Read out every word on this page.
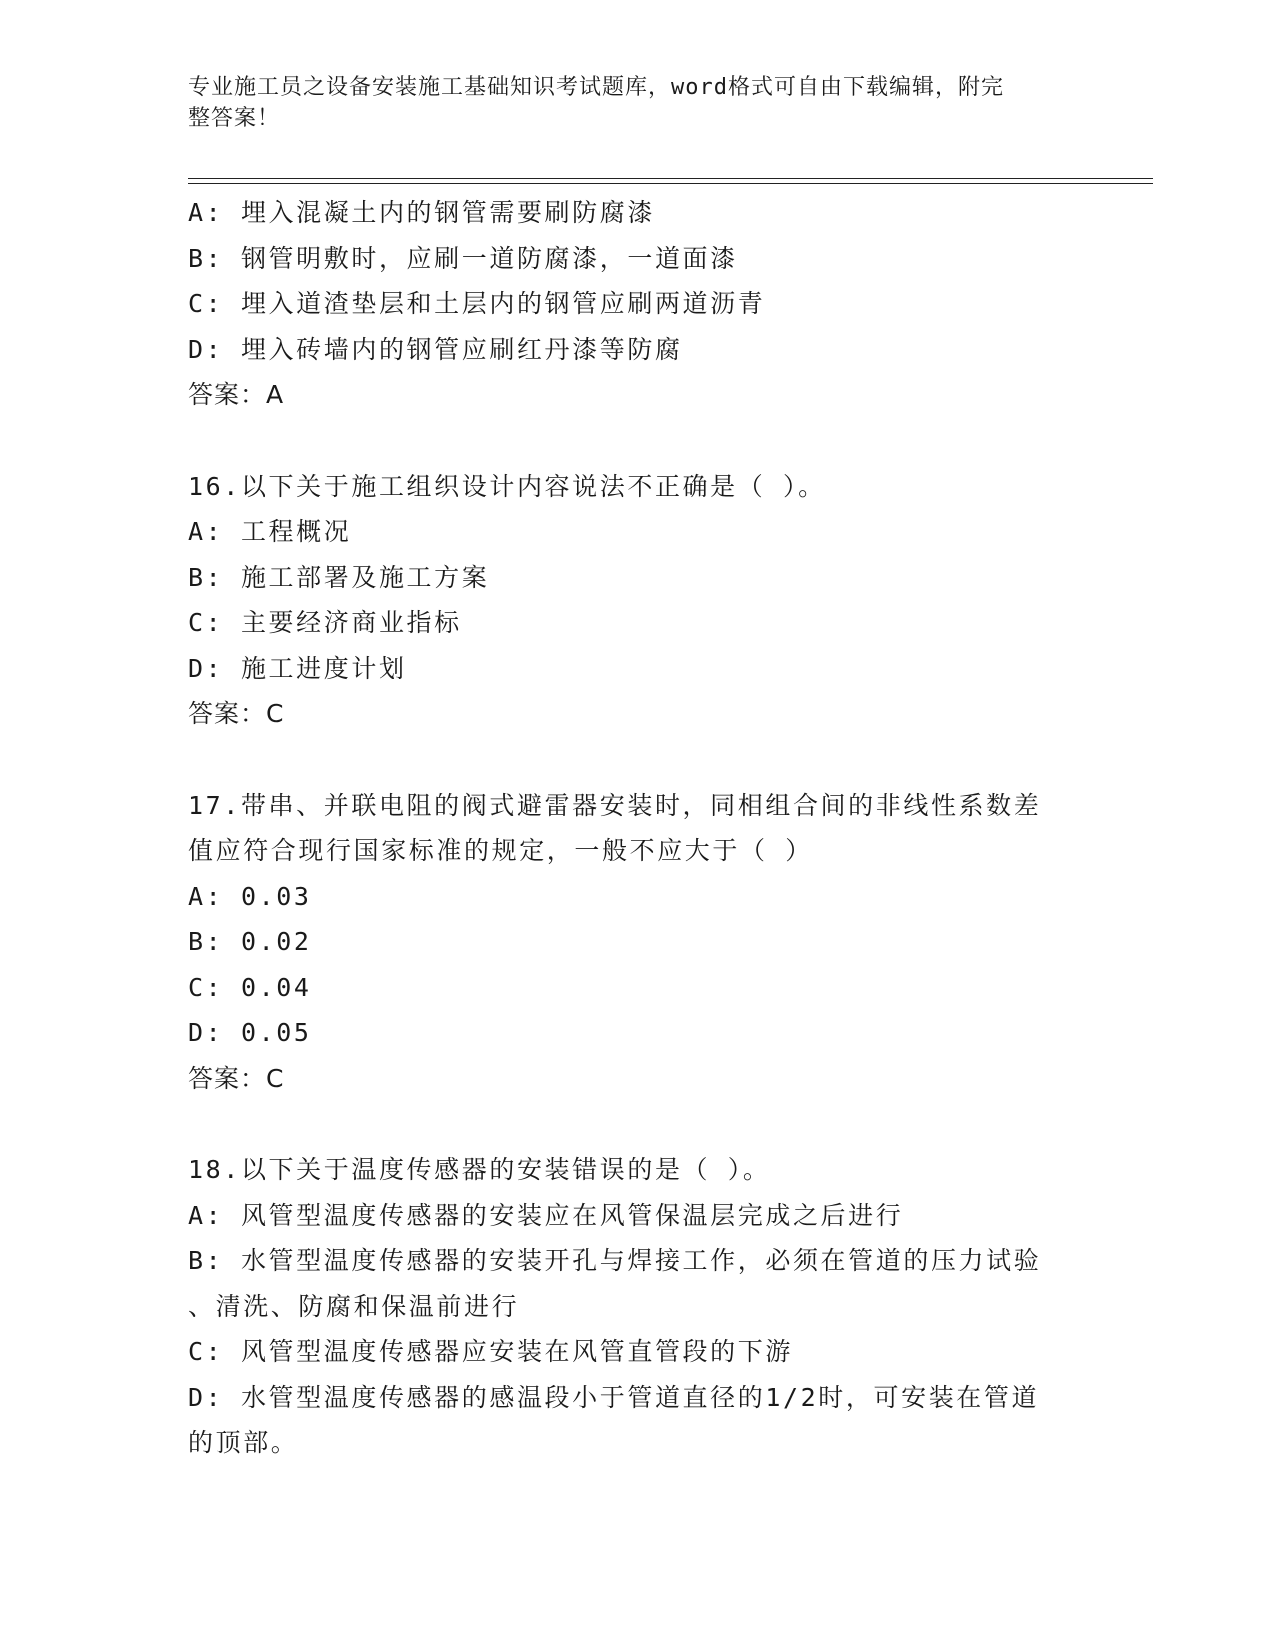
专业施工员之设备安装施工基础知识考试题库，word格式可自由下载编辑，附完
整答案！
A: 埋入混凝土内的钢管需要刷防腐漆
B: 钢管明敷时，应刷一道防腐漆，一道面漆
C: 埋入道渣垫层和土层内的钢管应刷两道沥青
D: 埋入砖墙内的钢管应刷红丹漆等防腐
答案：A
16.以下关于施工组织设计内容说法不正确是（ ）。
A: 工程概况
B: 施工部署及施工方案
C: 主要经济商业指标
D: 施工进度计划
答案：C
17.带串、并联电阻的阀式避雷器安装时，同相组合间的非线性系数差
值应符合现行国家标准的规定，一般不应大于（ ）
A: 0.03
B: 0.02
C: 0.04
D: 0.05
答案：C
18.以下关于温度传感器的安装错误的是（ ）。
A: 风管型温度传感器的安装应在风管保温层完成之后进行
B: 水管型温度传感器的安装开孔与焊接工作，必须在管道的压力试验
、清洗、防腐和保温前进行
C: 风管型温度传感器应安装在风管直管段的下游
D: 水管型温度传感器的感温段小于管道直径的1/2时，可安装在管道
的顶部。
